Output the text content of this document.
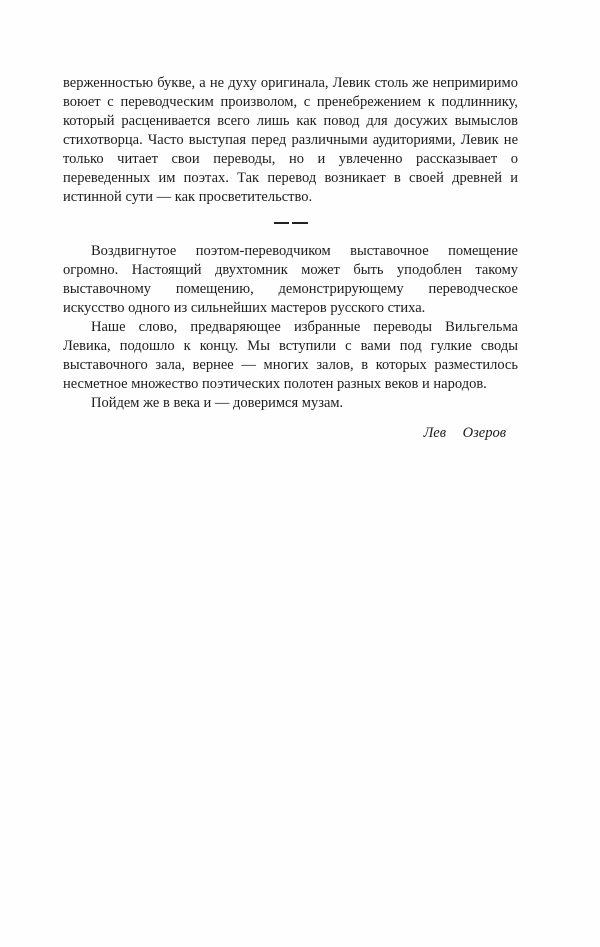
верженностью букве, а не духу оригинала, Левик столь же непримиримо воюет с переводческим произволом, с пренебрежением к подлиннику, который расценивается всего лишь как повод для досужих вымыслов стихотворца. Часто выступая перед различными аудиториями, Левик не только читает свои переводы, но и увлеченно рассказывает о переведенных им поэтах. Так перевод возникает в своей древней и истинной сути — как просветительство.

Воздвигнутое поэтом-переводчиком выставочное помещение огромно. Настоящий двухтомник может быть уподоблен такому выставочному помещению, демонстрирующему переводческое искусство одного из сильнейших мастеров русского стиха.

Наше слово, предваряющее избранные переводы Вильгельма Левика, подошло к концу. Мы вступили с вами под гулкие своды выставочного зала, вернее — многих залов, в которых разместилось несметное множество поэтических полотен разных веков и народов.

Пойдем же в века и — доверимся музам.

Лев Озеров
